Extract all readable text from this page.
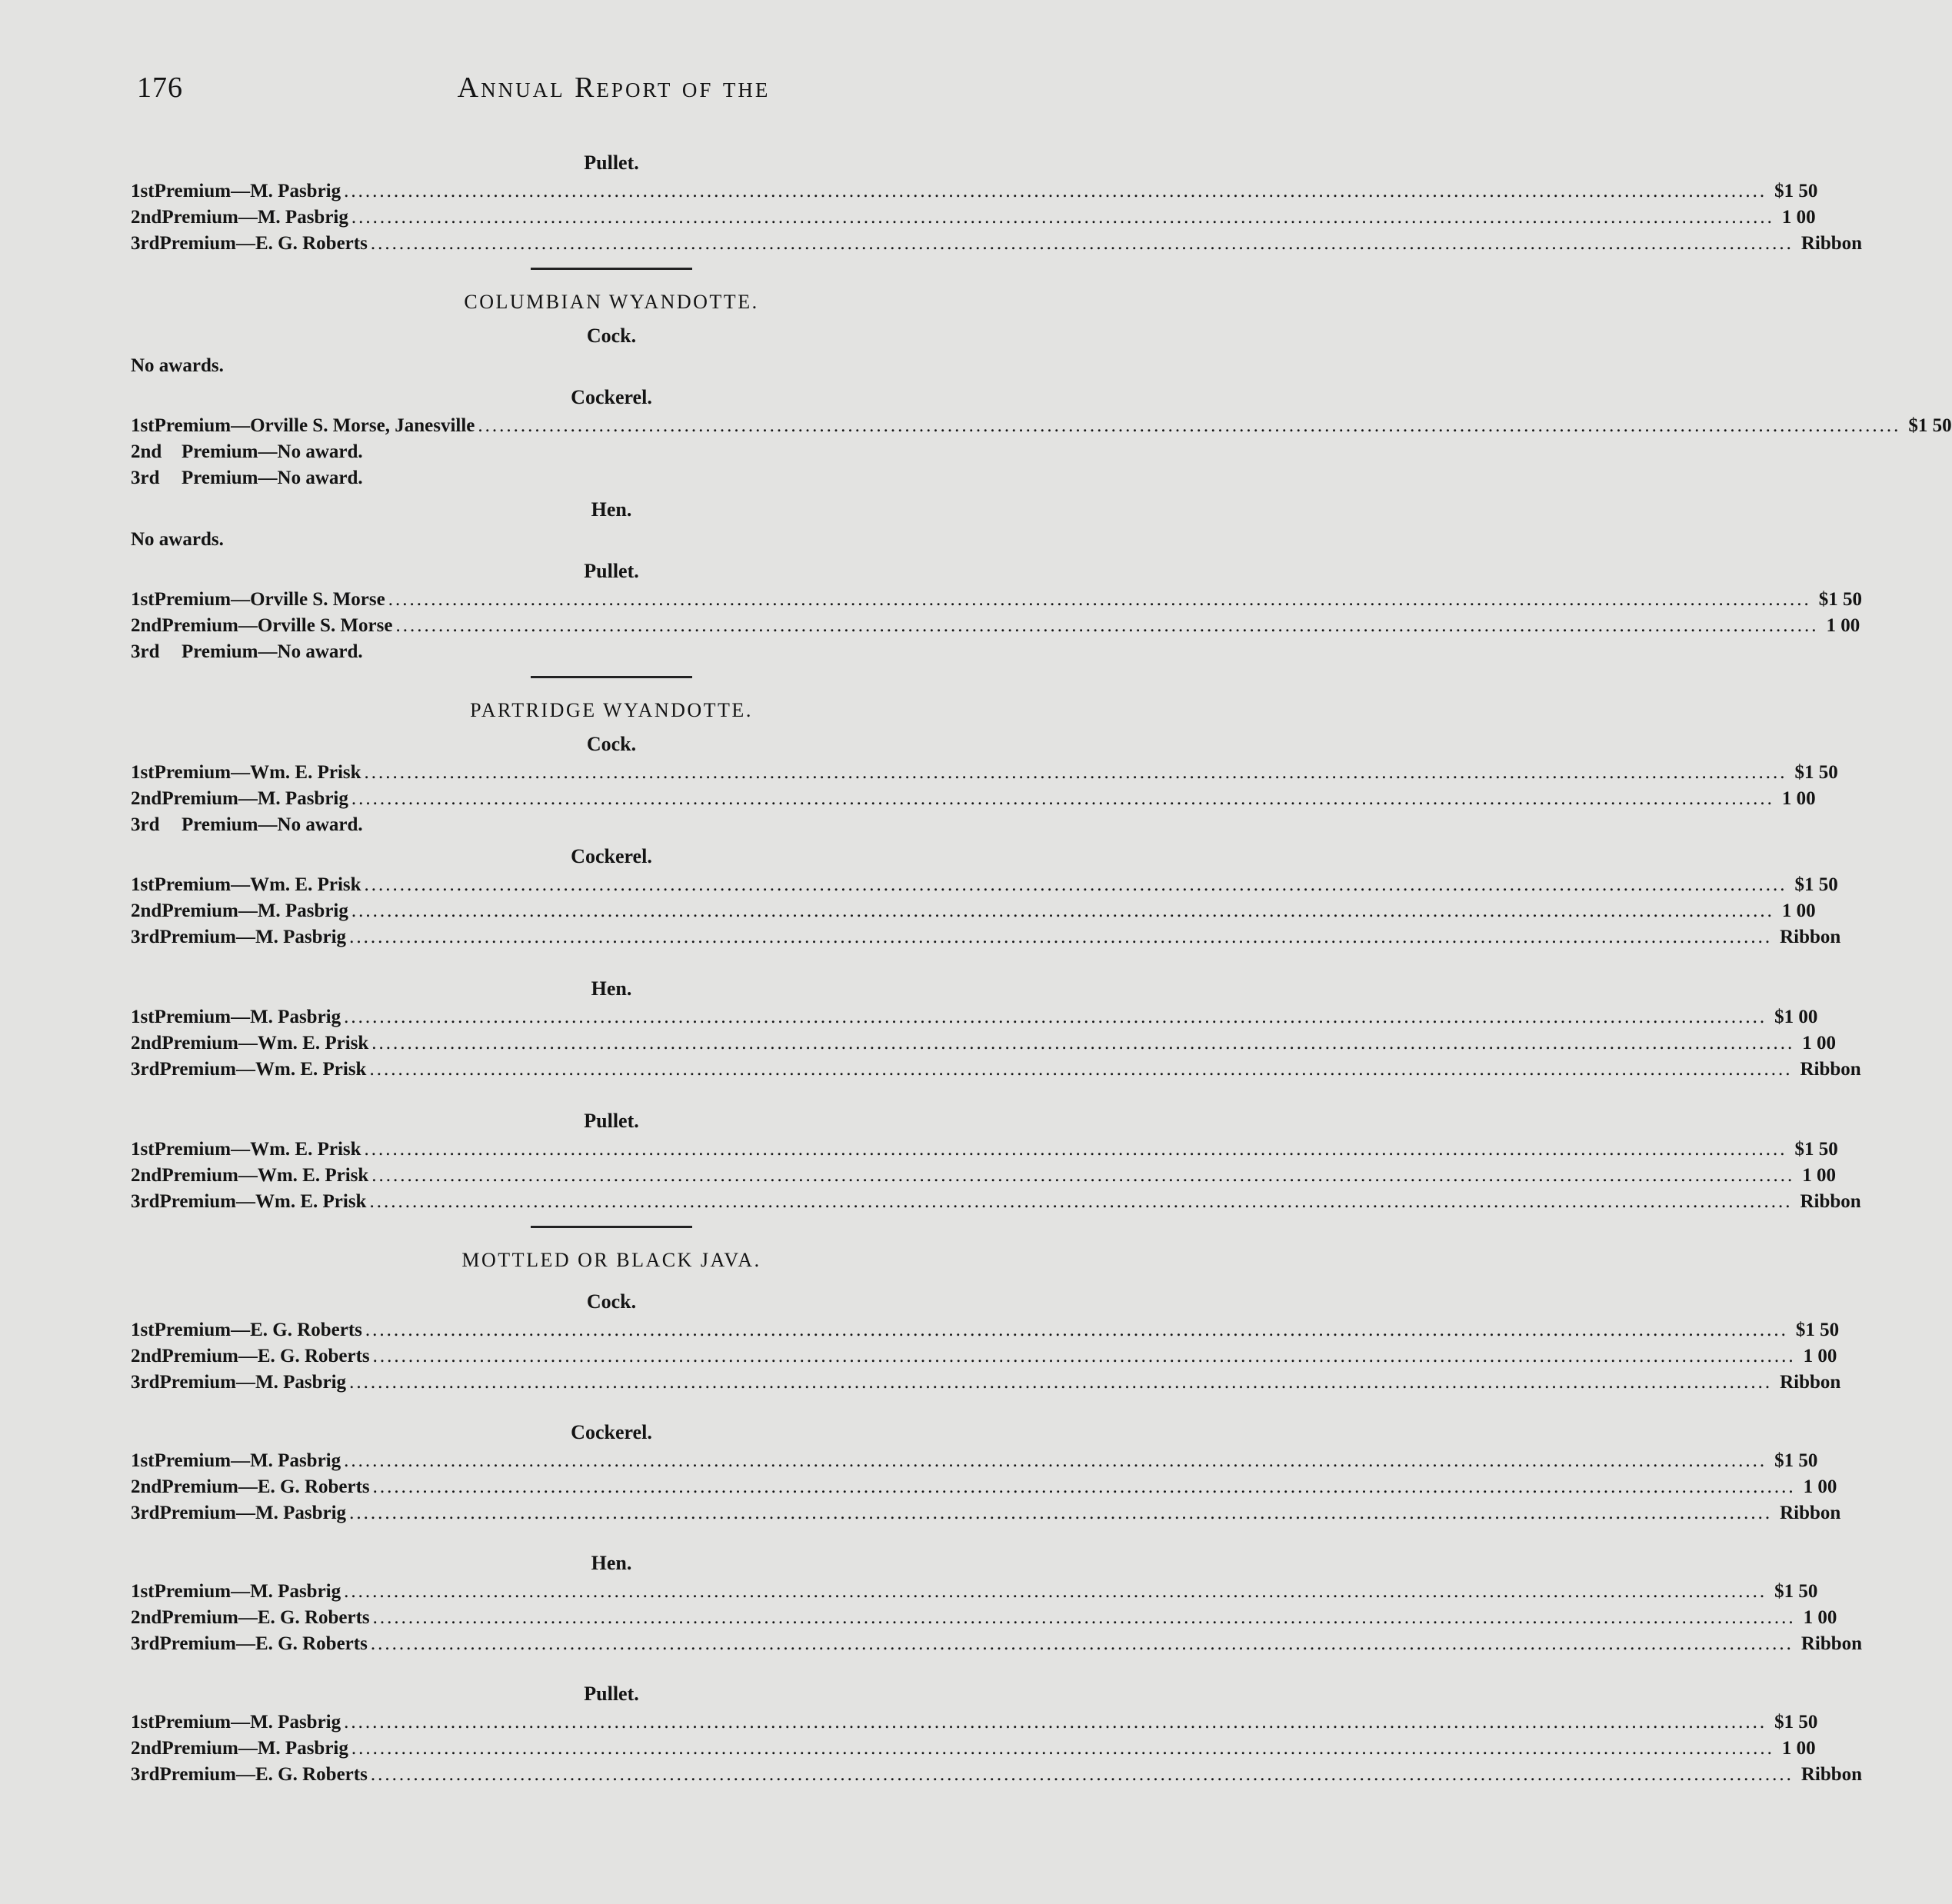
176	Annual Report of the
Pullet.
1st Premium—M. Pasbrig ........................................................................................................................................................................................................ $1 50
2nd Premium—M. Pasbrig ........................................................................................................................................................................................................ 1 00
3rd Premium—E. G. Roberts ........................................................................................................................................................................................................ Ribbon
COLUMBIAN WYANDOTTE.
Cock.
No awards.
Cockerel.
1st Premium—Orville S. Morse, Janesville ........................................................................................................................................................................................................ $1 50
2nd	Premium—No award.
3rd	Premium—No award.
Hen.
No awards.
Pullet.
1st Premium—Orville S. Morse ........................................................................................................................................................................................................ $1 50
2nd Premium—Orville S. Morse ........................................................................................................................................................................................................ 1 00
3rd	Premium—No award.
PARTRIDGE WYANDOTTE.
Cock.
1st Premium—Wm. E. Prisk ........................................................................................................................................................................................................ $1 50
2nd Premium—M. Pasbrig ........................................................................................................................................................................................................ 1 00
3rd	Premium—No award.
Cockerel.
1st Premium—Wm. E. Prisk ........................................................................................................................................................................................................ $1 50
2nd Premium—M. Pasbrig ........................................................................................................................................................................................................ 1 00
3rd Premium—M. Pasbrig ........................................................................................................................................................................................................ Ribbon
Hen.
1st Premium—M. Pasbrig ........................................................................................................................................................................................................ $1 00
2nd Premium—Wm. E. Prisk ........................................................................................................................................................................................................ 1 00
3rd Premium—Wm. E. Prisk ........................................................................................................................................................................................................ Ribbon
Pullet.
1st Premium—Wm. E. Prisk ........................................................................................................................................................................................................ $1 50
2nd Premium—Wm. E. Prisk ........................................................................................................................................................................................................ 1 00
3rd Premium—Wm. E. Prisk ........................................................................................................................................................................................................ Ribbon
MOTTLED OR BLACK JAVA.
Cock.
1st Premium—E. G. Roberts ........................................................................................................................................................................................................ $1 50
2nd Premium—E. G. Roberts ........................................................................................................................................................................................................ 1 00
3rd Premium—M. Pasbrig ........................................................................................................................................................................................................ Ribbon
Cockerel.
1st Premium—M. Pasbrig ........................................................................................................................................................................................................ $1 50
2nd Premium—E. G. Roberts ........................................................................................................................................................................................................ 1 00
3rd Premium—M. Pasbrig ........................................................................................................................................................................................................ Ribbon
Hen.
1st Premium—M. Pasbrig ........................................................................................................................................................................................................ $1 50
2nd Premium—E. G. Roberts ........................................................................................................................................................................................................ 1 00
3rd Premium—E. G. Roberts ........................................................................................................................................................................................................ Ribbon
Pullet.
1st Premium—M. Pasbrig ........................................................................................................................................................................................................ $1 50
2nd Premium—M. Pasbrig ........................................................................................................................................................................................................ 1 00
3rd Premium—E. G. Roberts ........................................................................................................................................................................................................ Ribbon
